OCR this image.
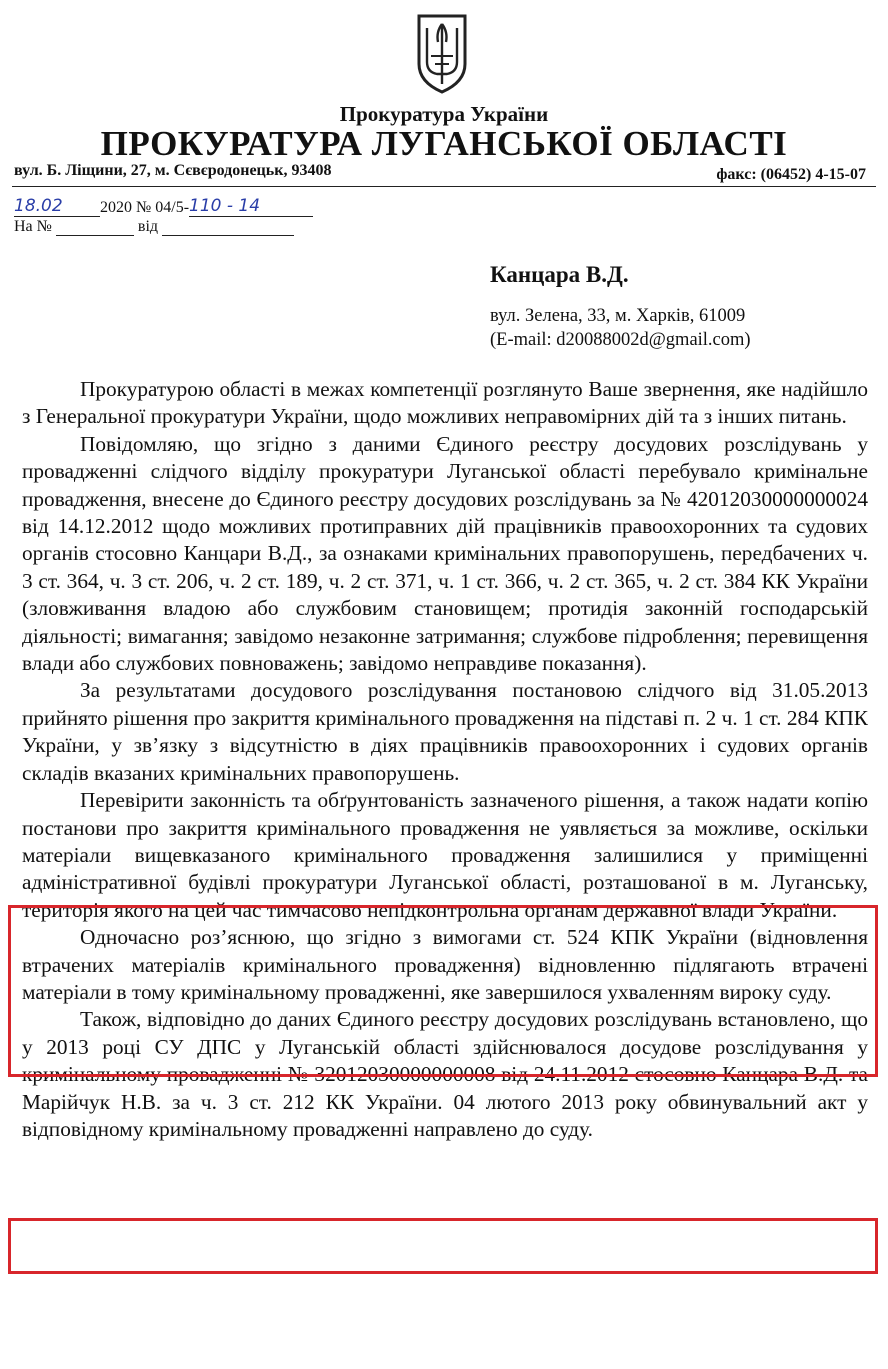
Прокуратура України
ПРОКУРАТУРА ЛУГАНСЬКОЇ ОБЛАСТІ
вул. Б. Ліщини, 27, м. Сєвєродонецьк, 93408	факс: (06452) 4-15-07
18.02 2020 № 04/5-110 - 14
На №	від
Канцара В.Д.
вул. Зелена, 33, м. Харків, 61009
(E-mail: d20088002d@gmail.com)

Прокуратурою області в межах компетенції розглянуто Ваше звернення, яке надійшло з Генеральної прокуратури України, щодо можливих неправомірних дій та з інших питань.

Повідомляю, що згідно з даними Єдиного реєстру досудових розслідувань у провадженні слідчого відділу прокуратури Луганської області перебувало кримінальне провадження, внесене до Єдиного реєстру досудових розслідувань за № 42012030000000024 від 14.12.2012 щодо можливих протиправних дій працівників правоохоронних та судових органів стосовно Канцари В.Д., за ознаками кримінальних правопорушень, передбачених ч. 3 ст. 364, ч. 3 ст. 206, ч. 2 ст. 189, ч. 2 ст. 371, ч. 1 ст. 366, ч. 2 ст. 365, ч. 2 ст. 384 КК України (зловживання владою або службовим становищем; протидія законній господарській діяльності; вимагання; завідомо незаконне затримання; службове підроблення; перевищення влади або службових повноважень; завідомо неправдиве показання).

За результатами досудового розслідування постановою слідчого від 31.05.2013 прийнято рішення про закриття кримінального провадження на підставі п. 2 ч. 1 ст. 284 КПК України, у зв’язку з відсутністю в діях працівників правоохоронних і судових органів складів вказаних кримінальних правопорушень.

Перевірити законність та обґрунтованість зазначеного рішення, а також надати копію постанови про закриття кримінального провадження не уявляється за можливе, оскільки матеріали вищевказаного кримінального провадження залишилися у приміщенні адміністративної будівлі прокуратури Луганської області, розташованої в м. Луганську, територія якого на цей час тимчасово непідконтрольна органам державної влади України.

Одночасно роз’яснюю, що згідно з вимогами ст. 524 КПК України (відновлення втрачених матеріалів кримінального провадження) відновленню підлягають втрачені матеріали в тому кримінальному провадженні, яке завершилося ухваленням вироку суду.

Також, відповідно до даних Єдиного реєстру досудових розслідувань встановлено, що у 2013 році СУ ДПС у Луганській області здійснювалося досудове розслідування у кримінальному провадженні № 32012030000000008 від 24.11.2012 стосовно Канцара В.Д. та Марійчук Н.В. за ч. 3 ст. 212 КК України. 04 лютого 2013 року обвинувальний акт у відповідному кримінальному провадженні направлено до суду.
